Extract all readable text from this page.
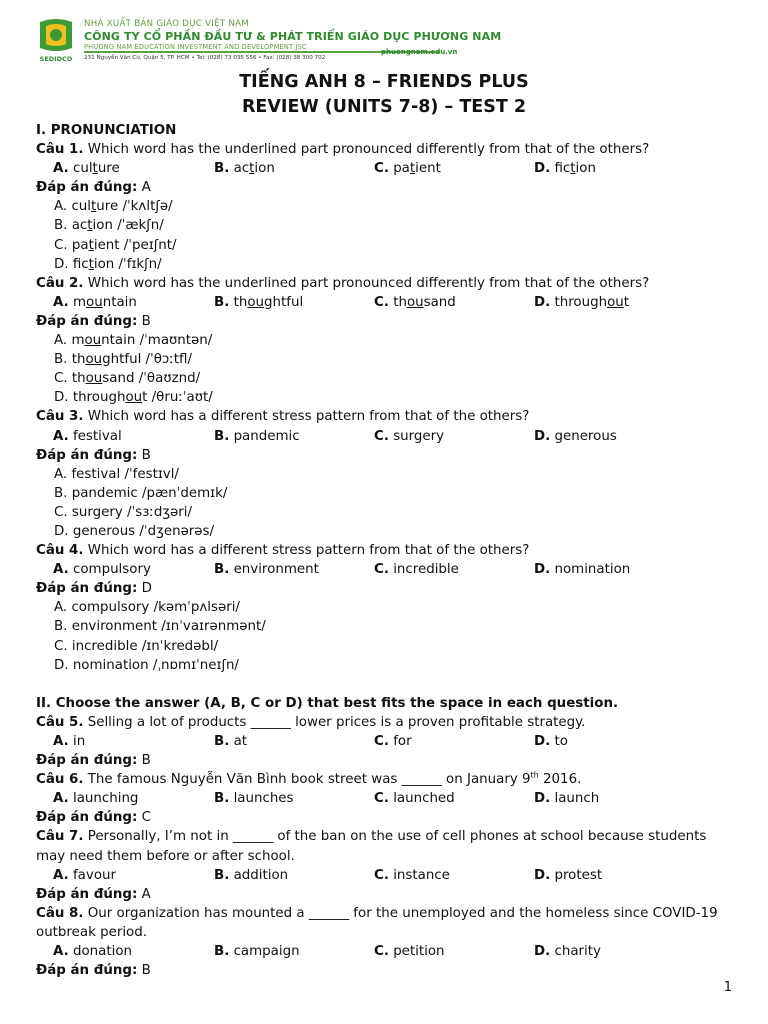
SEDIDCO
NHÀ XUẤT BẢN GIÁO DỤC VIỆT NAM
CÔNG TY CỔ PHẦN ĐẦU TƯ & PHÁT TRIỂN GIÁO DỤC PHƯƠNG NAM
PHUONG NAM EDUCATION INVESTMENT AND DEVELOPMENT JSC
231 Nguyễn Văn Cừ, Quận 5, TP. HCM • Tel: (028) 73 035 556 • Fax: (028) 38 300 702
phuongnam.edu.vn
TIẾNG ANH 8 – FRIENDS PLUS
REVIEW (UNITS 7-8) – TEST 2
I. PRONUNCIATION
Câu 1. Which word has the underlined part pronounced differently from that of the others?
A. culture	B. action	C. patient	D. fiction
Đáp án đúng: A
A. culture /ˈkʌltʃə/
B. action /ˈækʃn/
C. patient /ˈpeɪʃnt/
D. fiction /ˈfɪkʃn/
Câu 2. Which word has the underlined part pronounced differently from that of the others?
A. mountain	B. thoughtful	C. thousand	D. throughout
Đáp án đúng: B
A. mountain /ˈmaʊntən/
B. thoughtful /ˈθɔːtfl/
C. thousand /ˈθaʊznd/
D. throughout /θruːˈaʊt/
Câu 3. Which word has a different stress pattern from that of the others?
A. festival	B. pandemic	C. surgery	D. generous
Đáp án đúng: B
A. festival /ˈfestɪvl/
B. pandemic /pænˈdemɪk/
C. surgery /ˈsɜːdʒəri/
D. generous /ˈdʒenərəs/
Câu 4. Which word has a different stress pattern from that of the others?
A. compulsory	B. environment	C. incredible	D. nomination
Đáp án đúng: D
A. compulsory /kəmˈpʌlsəri/
B. environment /ɪnˈvaɪrənmənt/
C. incredible /ɪnˈkredəbl/
D. nomination /ˌnɒmɪˈneɪʃn/
II. Choose the answer (A, B, C or D) that best fits the space in each question.
Câu 5. Selling a lot of products ______ lower prices is a proven profitable strategy.
A. in	B. at	C. for	D. to
Đáp án đúng: B
Câu 6. The famous Nguyễn Văn Bình book street was ______ on January 9th 2016.
A. launching	B. launches	C. launched	D. launch
Đáp án đúng: C
Câu 7. Personally, I’m not in ______ of the ban on the use of cell phones at school because students may need them before or after school.
A. favour	B. addition	C. instance	D. protest
Đáp án đúng: A
Câu 8. Our organization has mounted a ______ for the unemployed and the homeless since COVID-19 outbreak period.
A. donation	B. campaign	C. petition	D. charity
Đáp án đúng: B
1
